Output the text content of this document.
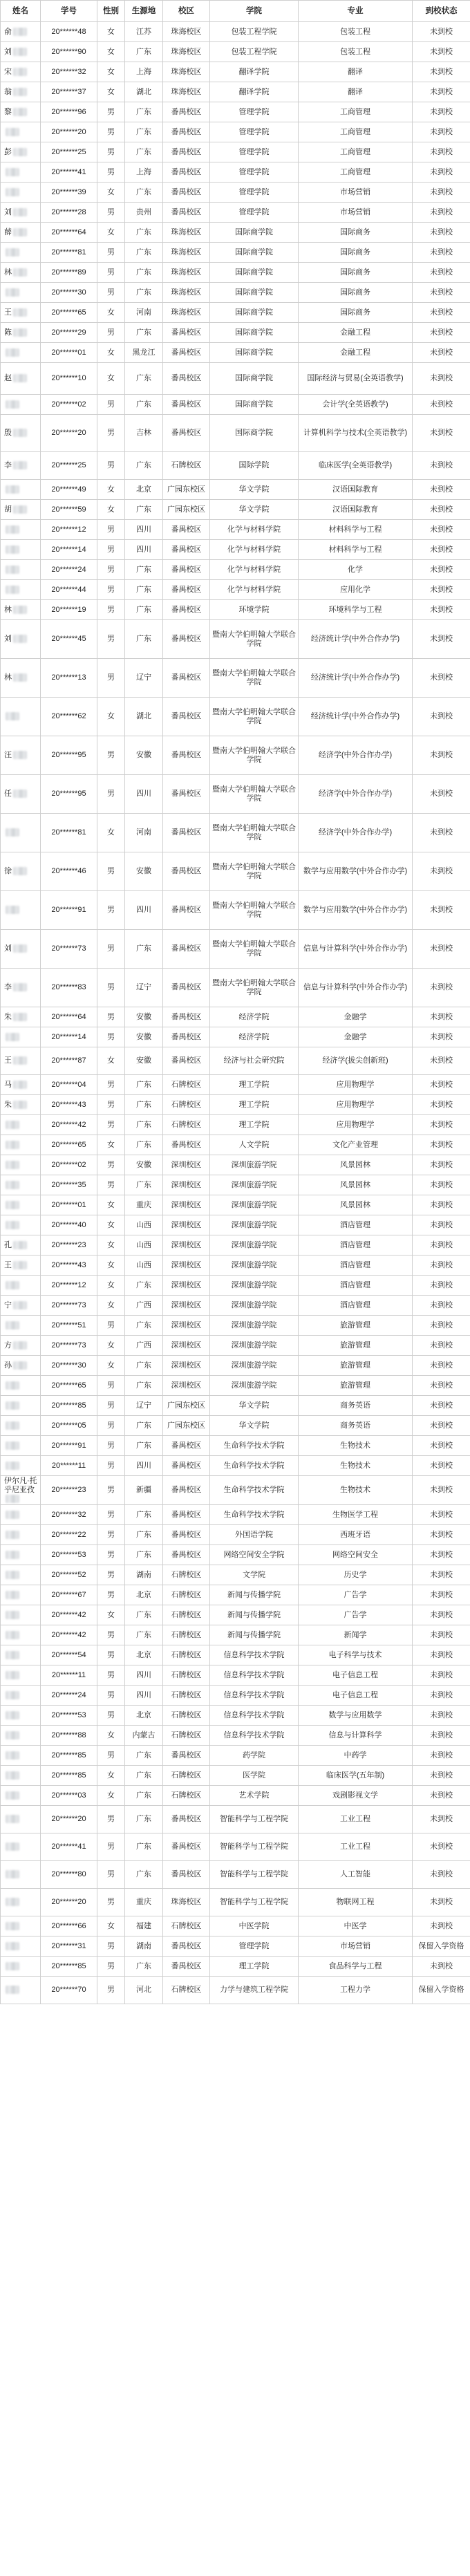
姓名	学号	性别	生源地	校区	学院	专业	到校状态
俞	20******48	女	江苏	珠海校区	包装工程学院	包装工程	未到校
刘	20******90	女	广东	珠海校区	包装工程学院	包装工程	未到校
宋	20******32	女	上海	珠海校区	翻译学院	翻译	未到校
翁	20******37	女	湖北	珠海校区	翻译学院	翻译	未到校
黎	20******96	男	广东	番禺校区	管理学院	工商管理	未到校
	20******20	男	广东	番禺校区	管理学院	工商管理	未到校
彭	20******25	男	广东	番禺校区	管理学院	工商管理	未到校
	20******41	男	上海	番禺校区	管理学院	工商管理	未到校
	20******39	女	广东	番禺校区	管理学院	市场营销	未到校
刘	20******28	男	贵州	番禺校区	管理学院	市场营销	未到校
薛	20******64	女	广东	珠海校区	国际商学院	国际商务	未到校
	20******81	男	广东	珠海校区	国际商学院	国际商务	未到校
林	20******89	男	广东	珠海校区	国际商学院	国际商务	未到校
	20******30	男	广东	珠海校区	国际商学院	国际商务	未到校
王	20******65	女	河南	珠海校区	国际商学院	国际商务	未到校
陈	20******29	男	广东	番禺校区	国际商学院	金融工程	未到校
	20******01	女	黑龙江	番禺校区	国际商学院	金融工程	未到校
赵	20******10	女	广东	番禺校区	国际商学院	国际经济与贸易(全英语教学)	未到校
	20******02	男	广东	番禺校区	国际商学院	会计学(全英语教学)	未到校
殷	20******20	男	吉林	番禺校区	国际商学院	计算机科学与技术(全英语教学)	未到校
李	20******25	男	广东	石牌校区	国际学院	临床医学(全英语教学)	未到校
	20******49	女	北京	广园东校区	华文学院	汉语国际教育	未到校
胡	20******59	女	广东	广园东校区	华文学院	汉语国际教育	未到校
	20******12	男	四川	番禺校区	化学与材料学院	材料科学与工程	未到校
	20******14	男	四川	番禺校区	化学与材料学院	材料科学与工程	未到校
	20******24	男	广东	番禺校区	化学与材料学院	化学	未到校
	20******44	男	广东	番禺校区	化学与材料学院	应用化学	未到校
林	20******19	男	广东	番禺校区	环境学院	环境科学与工程	未到校
刘	20******45	男	广东	番禺校区	暨南大学伯明翰大学联合学院	经济统计学(中外合作办学)	未到校
林	20******13	男	辽宁	番禺校区	暨南大学伯明翰大学联合学院	经济统计学(中外合作办学)	未到校
	20******62	女	湖北	番禺校区	暨南大学伯明翰大学联合学院	经济统计学(中外合作办学)	未到校
汪	20******95	男	安徽	番禺校区	暨南大学伯明翰大学联合学院	经济学(中外合作办学)	未到校
任	20******95	男	四川	番禺校区	暨南大学伯明翰大学联合学院	经济学(中外合作办学)	未到校
	20******81	女	河南	番禺校区	暨南大学伯明翰大学联合学院	经济学(中外合作办学)	未到校
徐	20******46	男	安徽	番禺校区	暨南大学伯明翰大学联合学院	数学与应用数学(中外合作办学)	未到校
	20******91	男	四川	番禺校区	暨南大学伯明翰大学联合学院	数学与应用数学(中外合作办学)	未到校
刘	20******73	男	广东	番禺校区	暨南大学伯明翰大学联合学院	信息与计算科学(中外合作办学)	未到校
李	20******83	男	辽宁	番禺校区	暨南大学伯明翰大学联合学院	信息与计算科学(中外合作办学)	未到校
朱	20******64	男	安徽	番禺校区	经济学院	金融学	未到校
	20******14	男	安徽	番禺校区	经济学院	金融学	未到校
王	20******87	女	安徽	番禺校区	经济与社会研究院	经济学(拔尖创新班)	未到校
马	20******04	男	广东	石牌校区	理工学院	应用物理学	未到校
朱	20******43	男	广东	石牌校区	理工学院	应用物理学	未到校
	20******42	男	广东	石牌校区	理工学院	应用物理学	未到校
	20******65	女	广东	番禺校区	人文学院	文化产业管理	未到校
	20******02	男	安徽	深圳校区	深圳旅游学院	风景园林	未到校
	20******35	男	广东	深圳校区	深圳旅游学院	风景园林	未到校
	20******01	女	重庆	深圳校区	深圳旅游学院	风景园林	未到校
	20******40	女	山西	深圳校区	深圳旅游学院	酒店管理	未到校
孔	20******23	女	山西	深圳校区	深圳旅游学院	酒店管理	未到校
王	20******43	女	山西	深圳校区	深圳旅游学院	酒店管理	未到校
	20******12	女	广东	深圳校区	深圳旅游学院	酒店管理	未到校
宁	20******73	女	广西	深圳校区	深圳旅游学院	酒店管理	未到校
	20******51	男	广东	深圳校区	深圳旅游学院	旅游管理	未到校
方	20******73	女	广西	深圳校区	深圳旅游学院	旅游管理	未到校
孙	20******30	女	广东	深圳校区	深圳旅游学院	旅游管理	未到校
	20******65	男	广东	深圳校区	深圳旅游学院	旅游管理	未到校
	20******85	男	辽宁	广园东校区	华文学院	商务英语	未到校
	20******05	男	广东	广园东校区	华文学院	商务英语	未到校
	20******91	男	广东	番禺校区	生命科学技术学院	生物技术	未到校
	20******11	男	四川	番禺校区	生命科学技术学院	生物技术	未到校
伊尔凡·托乎尼亚孜	20******23	男	新疆	番禺校区	生命科学技术学院	生物技术	未到校
	20******32	男	广东	番禺校区	生命科学技术学院	生物医学工程	未到校
	20******22	男	广东	番禺校区	外国语学院	西班牙语	未到校
	20******53	男	广东	番禺校区	网络空间安全学院	网络空间安全	未到校
	20******52	男	湖南	石牌校区	文学院	历史学	未到校
	20******67	男	北京	石牌校区	新闻与传播学院	广告学	未到校
	20******42	女	广东	石牌校区	新闻与传播学院	广告学	未到校
	20******42	男	广东	石牌校区	新闻与传播学院	新闻学	未到校
	20******54	男	北京	石牌校区	信息科学技术学院	电子科学与技术	未到校
	20******11	男	四川	石牌校区	信息科学技术学院	电子信息工程	未到校
	20******24	男	四川	石牌校区	信息科学技术学院	电子信息工程	未到校
	20******53	男	北京	石牌校区	信息科学技术学院	数学与应用数学	未到校
	20******88	女	内蒙古	石牌校区	信息科学技术学院	信息与计算科学	未到校
	20******85	男	广东	番禺校区	药学院	中药学	未到校
	20******85	女	广东	石牌校区	医学院	临床医学(五年制)	未到校
	20******03	女	广东	石牌校区	艺术学院	戏剧影视文学	未到校
	20******20	男	广东	番禺校区	智能科学与工程学院	工业工程	未到校
	20******41	男	广东	番禺校区	智能科学与工程学院	工业工程	未到校
	20******80	男	广东	番禺校区	智能科学与工程学院	人工智能	未到校
	20******20	男	重庆	珠海校区	智能科学与工程学院	物联网工程	未到校
	20******66	女	福建	石牌校区	中医学院	中医学	未到校
	20******31	男	湖南	番禺校区	管理学院	市场营销	保留入学资格
	20******85	男	广东	番禺校区	理工学院	食品科学与工程	未到校
	20******70	男	河北	石牌校区	力学与建筑工程学院	工程力学	保留入学资格
